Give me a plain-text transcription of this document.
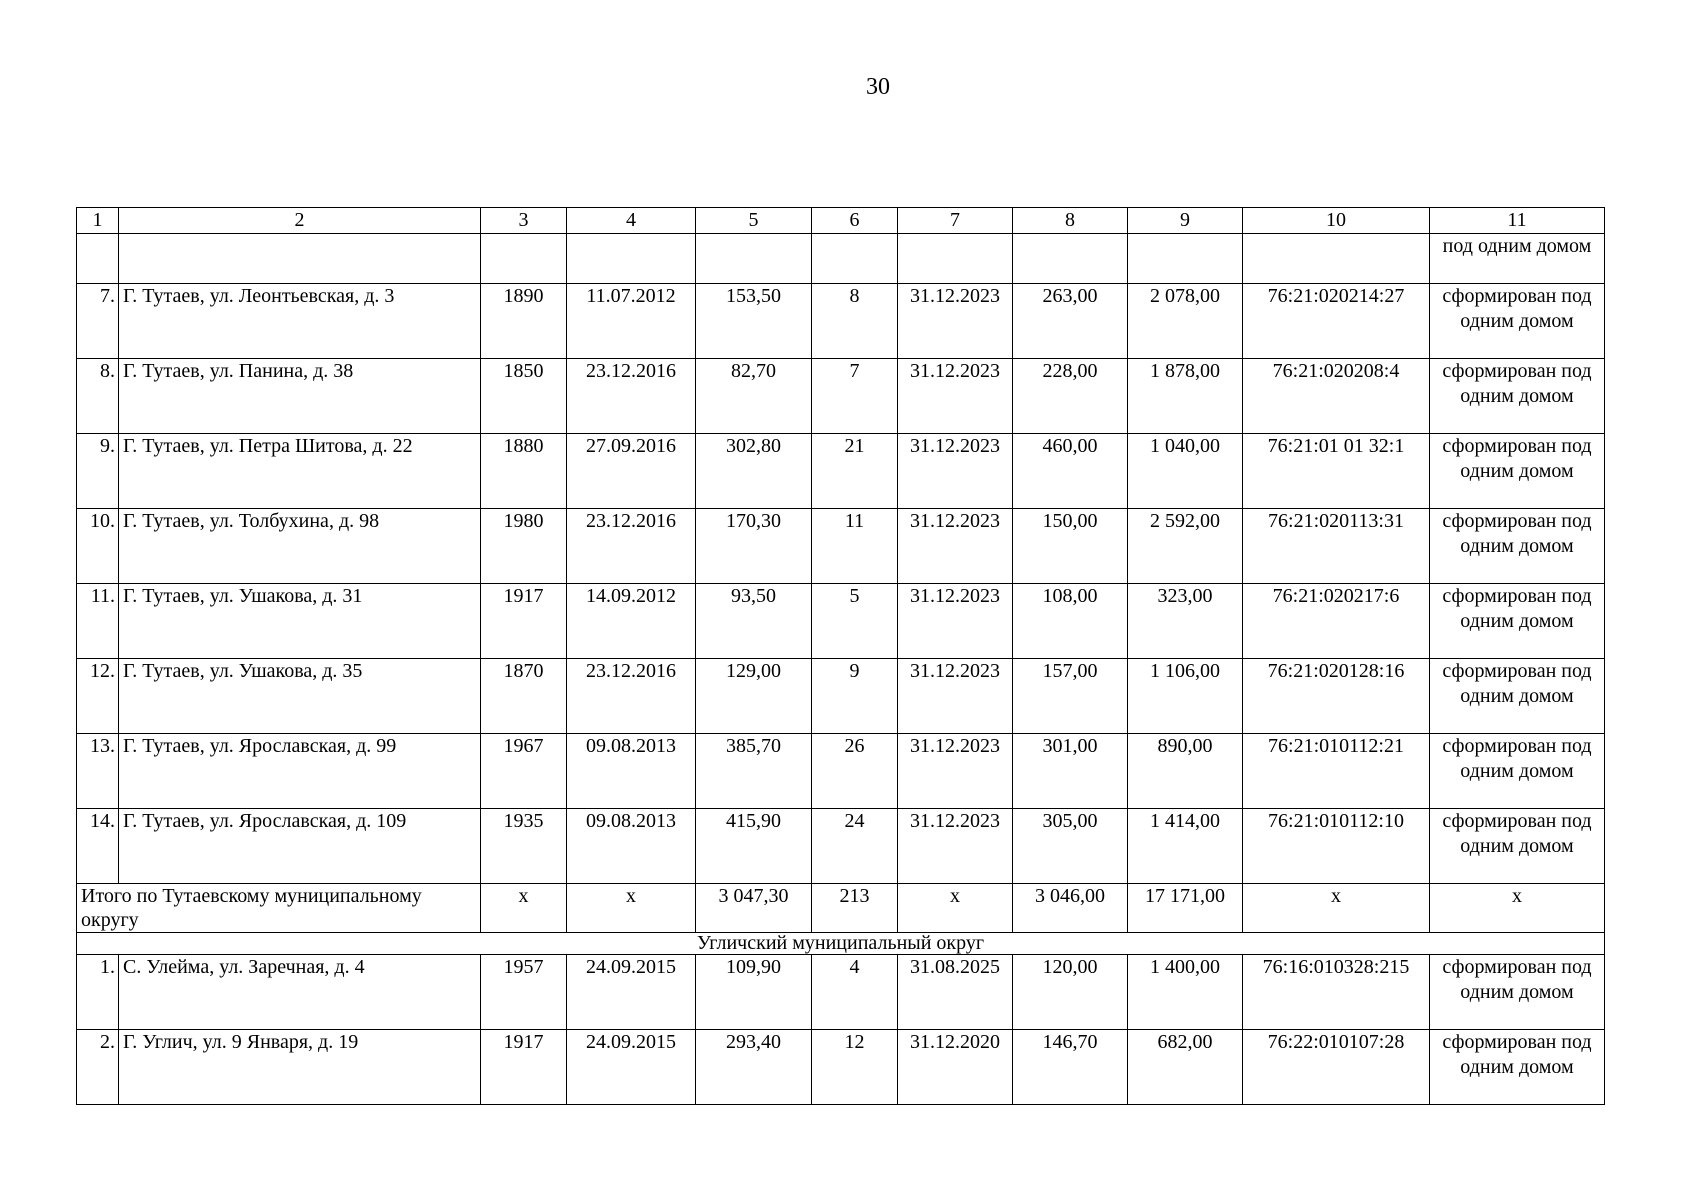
30
1	2	3	4	5	6	7	8	9	10	11
										под одним домом
7.	Г. Тутаев, ул. Леонтьевская, д. 3	1890	11.07.2012	153,50	8	31.12.2023	263,00	2 078,00	76:21:020214:27	сформирован под одним домом
8.	Г. Тутаев, ул. Панина, д. 38	1850	23.12.2016	82,70	7	31.12.2023	228,00	1 878,00	76:21:020208:4	сформирован под одним домом
9.	Г. Тутаев, ул. Петра Шитова, д. 22	1880	27.09.2016	302,80	21	31.12.2023	460,00	1 040,00	76:21:01 01 32:1	сформирован под одним домом
10.	Г. Тутаев, ул. Толбухина, д. 98	1980	23.12.2016	170,30	11	31.12.2023	150,00	2 592,00	76:21:020113:31	сформирован под одним домом
11.	Г. Тутаев, ул. Ушакова, д. 31	1917	14.09.2012	93,50	5	31.12.2023	108,00	323,00	76:21:020217:6	сформирован под одним домом
12.	Г. Тутаев, ул. Ушакова, д. 35	1870	23.12.2016	129,00	9	31.12.2023	157,00	1 106,00	76:21:020128:16	сформирован под одним домом
13.	Г. Тутаев, ул. Ярославская, д. 99	1967	09.08.2013	385,70	26	31.12.2023	301,00	890,00	76:21:010112:21	сформирован под одним домом
14.	Г. Тутаев, ул. Ярославская, д. 109	1935	09.08.2013	415,90	24	31.12.2023	305,00	1 414,00	76:21:010112:10	сформирован под одним домом
Итого по Тутаевскому муниципальному округу		х	х	3 047,30	213	х	3 046,00	17 171,00	х	х
Угличский муниципальный округ										
1.	С. Улейма, ул. Заречная, д. 4	1957	24.09.2015	109,90	4	31.08.2025	120,00	1 400,00	76:16:010328:215	сформирован под одним домом
2.	Г. Углич, ул. 9 Января, д. 19	1917	24.09.2015	293,40	12	31.12.2020	146,70	682,00	76:22:010107:28	сформирован под одним домом
